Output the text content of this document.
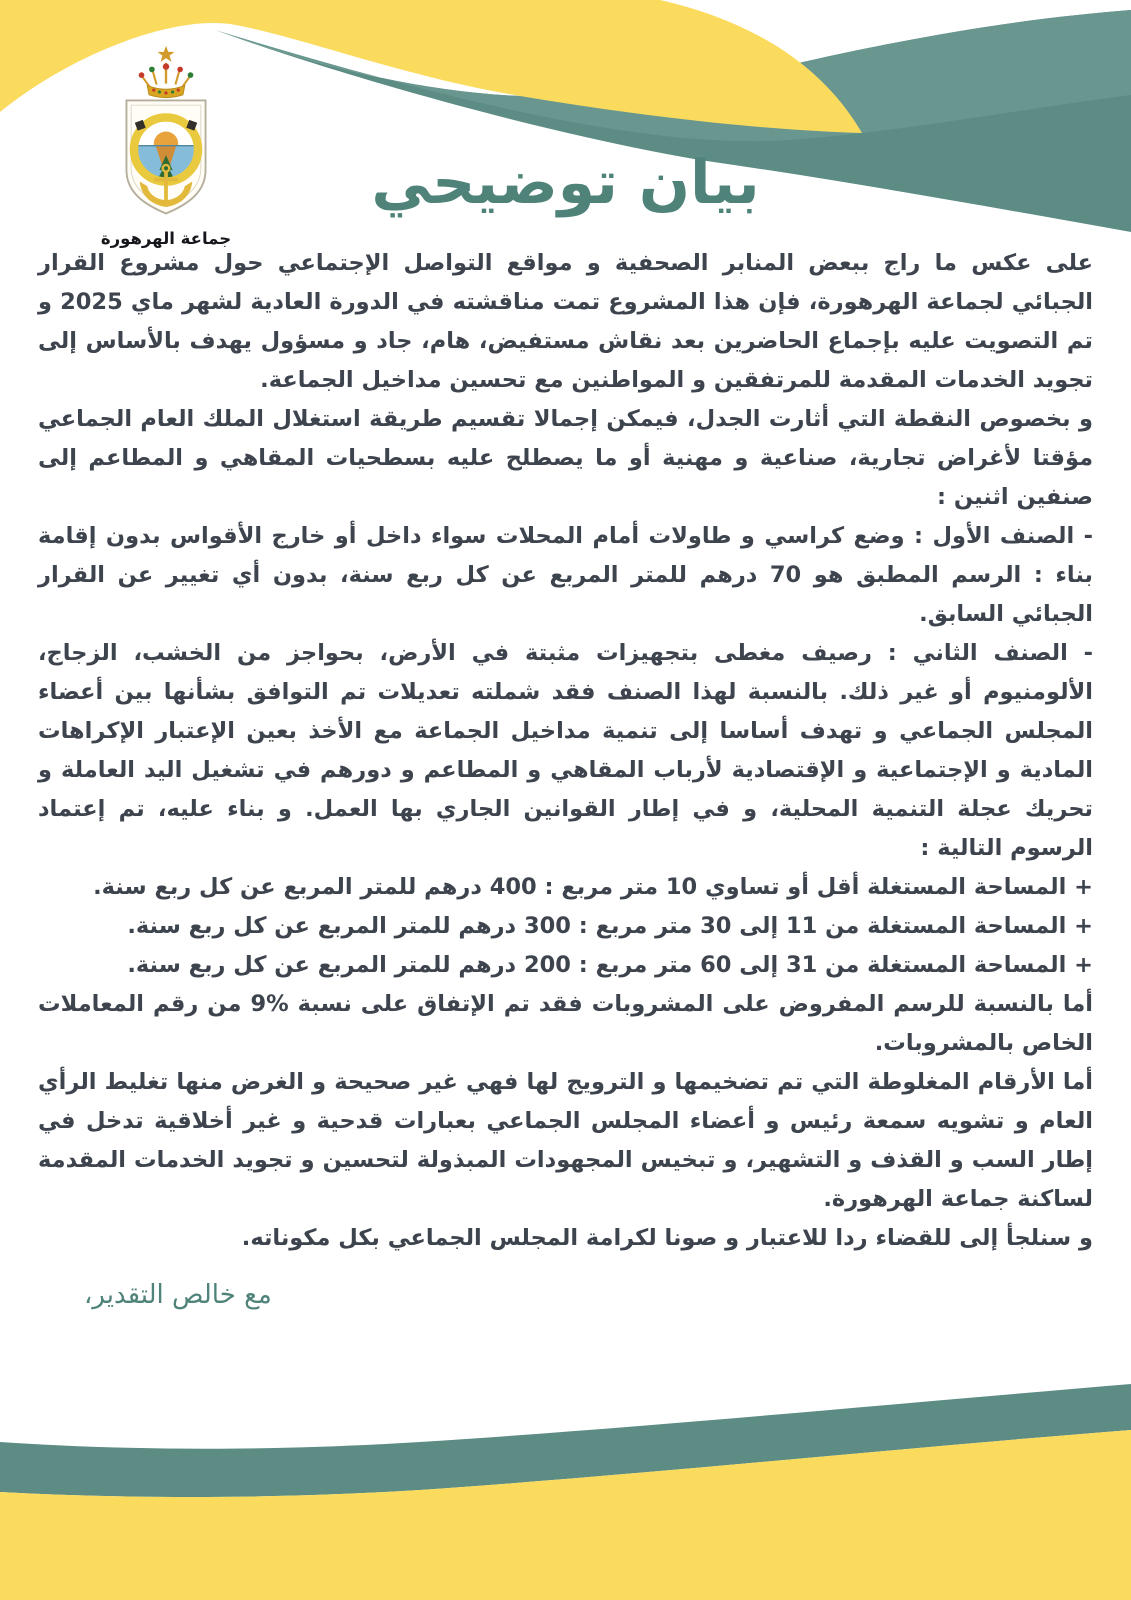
جماعة الهرهورة
بيان توضيحي

على عكس ما راج ببعض المنابر الصحفية و مواقع التواصل الإجتماعي حول مشروع القرار الجبائي لجماعة الهرهورة، فإن هذا المشروع تمت مناقشته في الدورة العادية لشهر ماي 2025 و تم التصويت عليه بإجماع الحاضرين بعد نقاش مستفيض، هام، جاد و مسؤول يهدف بالأساس إلى تجويد الخدمات المقدمة للمرتفقين و المواطنين مع تحسين مداخيل الجماعة.

و بخصوص النقطة التي أثارت الجدل، فيمكن إجمالا تقسيم طريقة استغلال الملك العام الجماعي مؤقتا لأغراض تجارية، صناعية و مهنية أو ما يصطلح عليه بسطحيات المقاهي و المطاعم إلى صنفين اثنين :

- الصنف الأول : وضع كراسي و طاولات أمام المحلات سواء داخل أو خارج الأقواس بدون إقامة بناء : الرسم المطبق هو 70 درهم للمتر المربع عن كل ربع سنة، بدون أي تغيير عن القرار الجبائي السابق.

- الصنف الثاني : رصيف مغطى بتجهيزات مثبتة في الأرض، بحواجز من الخشب، الزجاج، الألومنيوم أو غير ذلك. بالنسبة لهذا الصنف فقد شملته تعديلات تم التوافق بشأنها بين أعضاء المجلس الجماعي و تهدف أساسا إلى تنمية مداخيل الجماعة مع الأخذ بعين الإعتبار الإكراهات المادية و الإجتماعية و الإقتصادية لأرباب المقاهي و المطاعم و دورهم في تشغيل اليد العاملة و تحريك عجلة التنمية المحلية، و في إطار القوانين الجاري بها العمل. و بناء عليه، تم إعتماد الرسوم التالية :

+ المساحة المستغلة أقل أو تساوي 10 متر مربع : 400 درهم للمتر المربع عن كل ربع سنة.

+ المساحة المستغلة من 11 إلى 30 متر مربع : 300 درهم للمتر المربع عن كل ربع سنة.

+ المساحة المستغلة من 31 إلى 60 متر مربع : 200 درهم للمتر المربع عن كل ربع سنة.

أما بالنسبة للرسم المفروض على المشروبات فقد تم الإتفاق على نسبة %9 من رقم المعاملات الخاص بالمشروبات.

أما الأرقام المغلوطة التي تم تضخيمها و الترويج لها فهي غير صحيحة و الغرض منها تغليط الرأي العام و تشويه سمعة رئيس و أعضاء المجلس الجماعي بعبارات قدحية و غير أخلاقية تدخل في إطار السب و القذف و التشهير، و تبخيس المجهودات المبذولة لتحسين و تجويد الخدمات المقدمة لساكنة جماعة الهرهورة.

و سنلجأ إلى للقضاء ردا للاعتبار و صونا لكرامة المجلس الجماعي بكل مكوناته.

مع خالص التقدير،
